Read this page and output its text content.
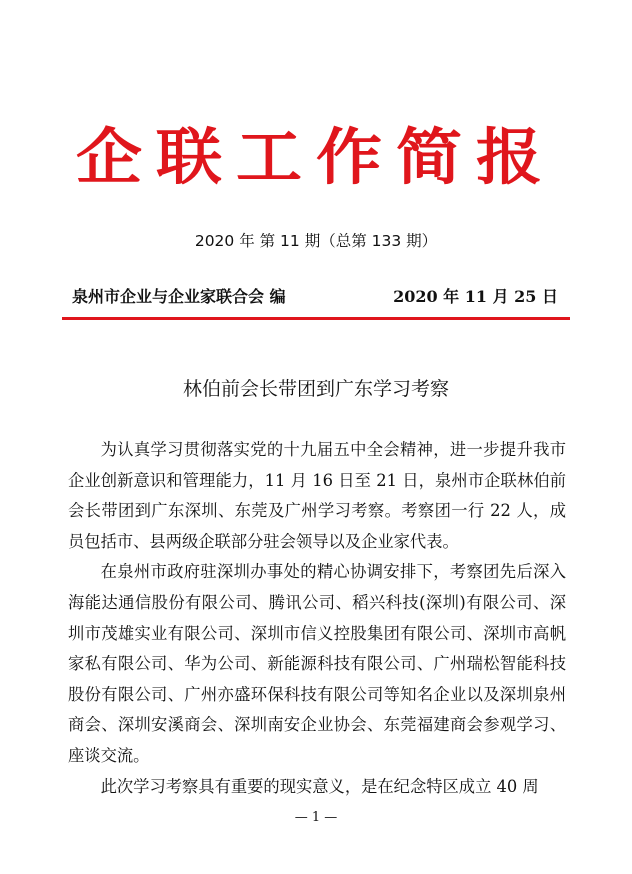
企联工作简报
2020 年 第 11 期（总第 133 期）
泉州市企业与企业家联合会 编	2020 年 11 月 25 日
林伯前会长带团到广东学习考察

为认真学习贯彻落实党的十九届五中全会精神，进一步提升我市企业创新意识和管理能力，11 月 16 日至 21 日，泉州市企联林伯前会长带团到广东深圳、东莞及广州学习考察。考察团一行 22 人，成员包括市、县两级企联部分驻会领导以及企业家代表。

在泉州市政府驻深圳办事处的精心协调安排下，考察团先后深入海能达通信股份有限公司、腾讯公司、稻兴科技(深圳)有限公司、深圳市茂雄实业有限公司、深圳市信义控股集团有限公司、深圳市高帆家私有限公司、华为公司、新能源科技有限公司、广州瑞松智能科技股份有限公司、广州亦盛环保科技有限公司等知名企业以及深圳泉州商会、深圳安溪商会、深圳南安企业协会、东莞福建商会参观学习、座谈交流。

此次学习考察具有重要的现实意义，是在纪念特区成立 40 周

— 1 —
